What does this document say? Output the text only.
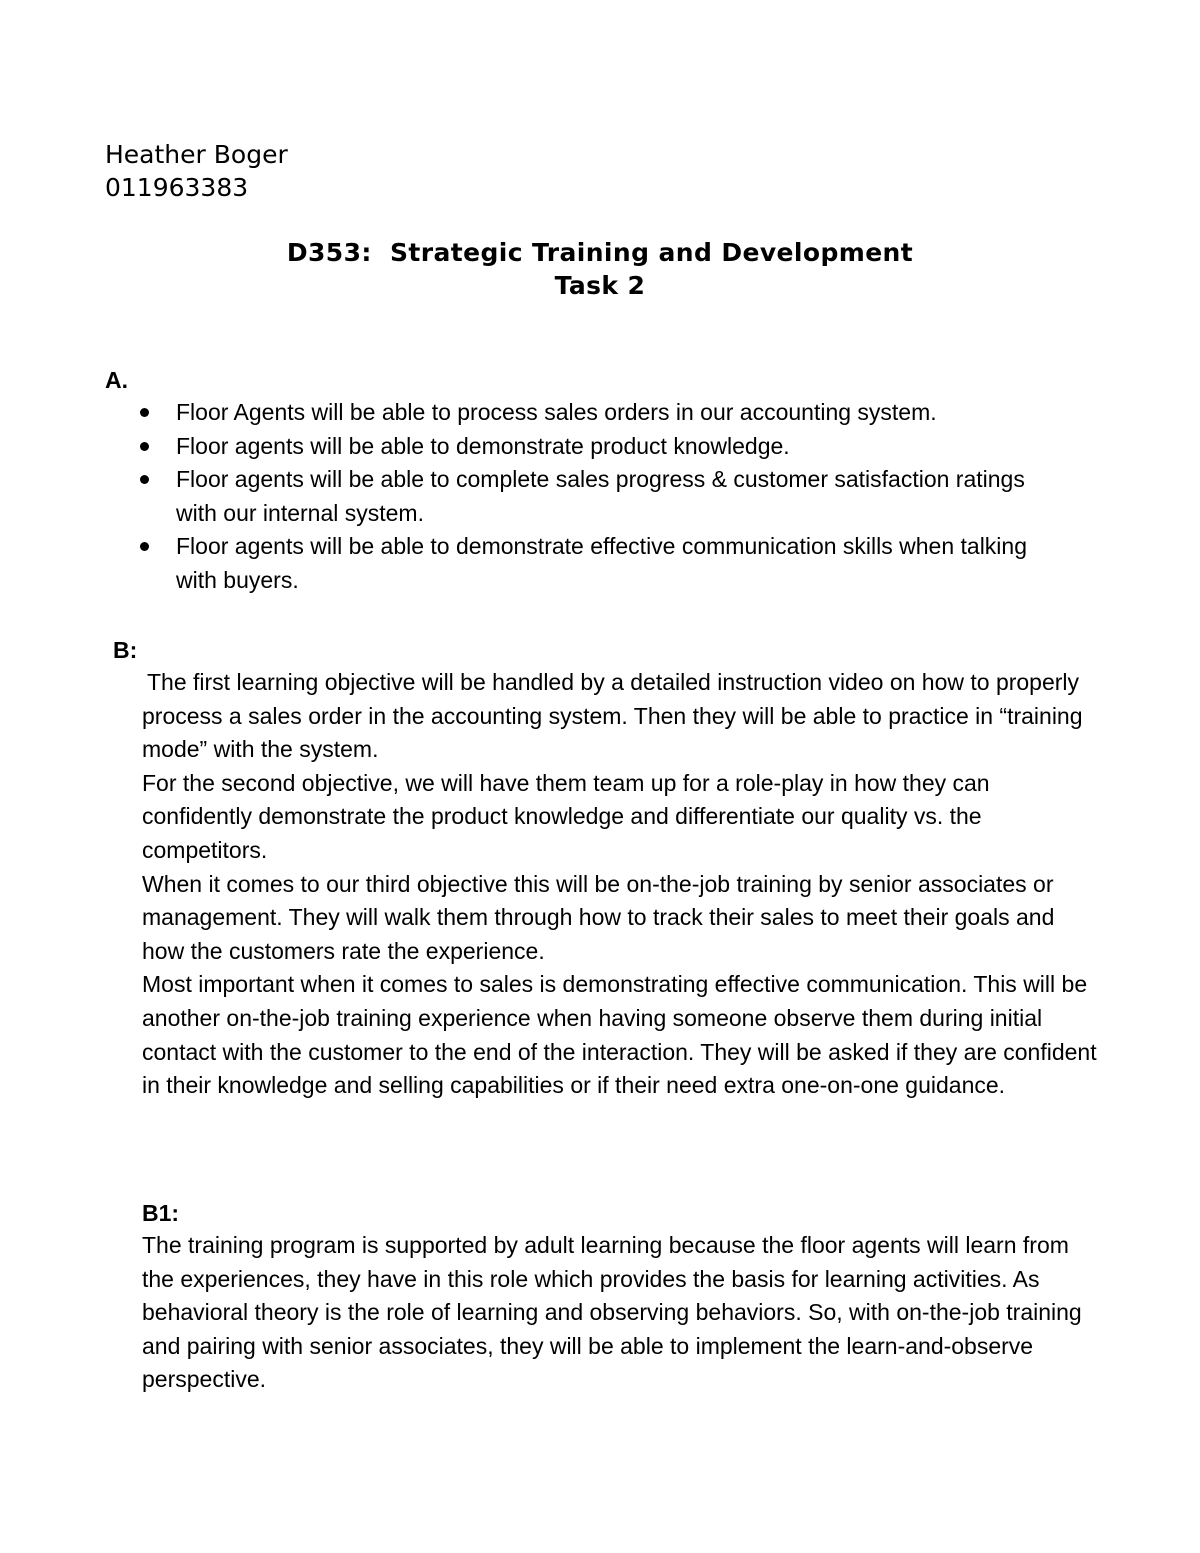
Heather Boger
011963383
D353:  Strategic Training and Development
Task 2
A.
Floor Agents will be able to process sales orders in our accounting system.
Floor agents will be able to demonstrate product knowledge.
Floor agents will be able to complete sales progress & customer satisfaction ratings with our internal system.
Floor agents will be able to demonstrate effective communication skills when talking with buyers.
B:

The first learning objective will be handled by a detailed instruction video on how to properly process a sales order in the accounting system. Then they will be able to practice in “training mode” with the system.

For the second objective, we will have them team up for a role-play in how they can confidently demonstrate the product knowledge and differentiate our quality vs. the competitors.

When it comes to our third objective this will be on-the-job training by senior associates or management. They will walk them through how to track their sales to meet their goals and how the customers rate the experience.

Most important when it comes to sales is demonstrating effective communication. This will be another on-the-job training experience when having someone observe them during initial contact with the customer to the end of the interaction. They will be asked if they are confident in their knowledge and selling capabilities or if their need extra one-on-one guidance.

B1:

The training program is supported by adult learning because the floor agents will learn from the experiences, they have in this role which provides the basis for learning activities. As behavioral theory is the role of learning and observing behaviors. So, with on-the-job training and pairing with senior associates, they will be able to implement the learn-and-observe perspective.
